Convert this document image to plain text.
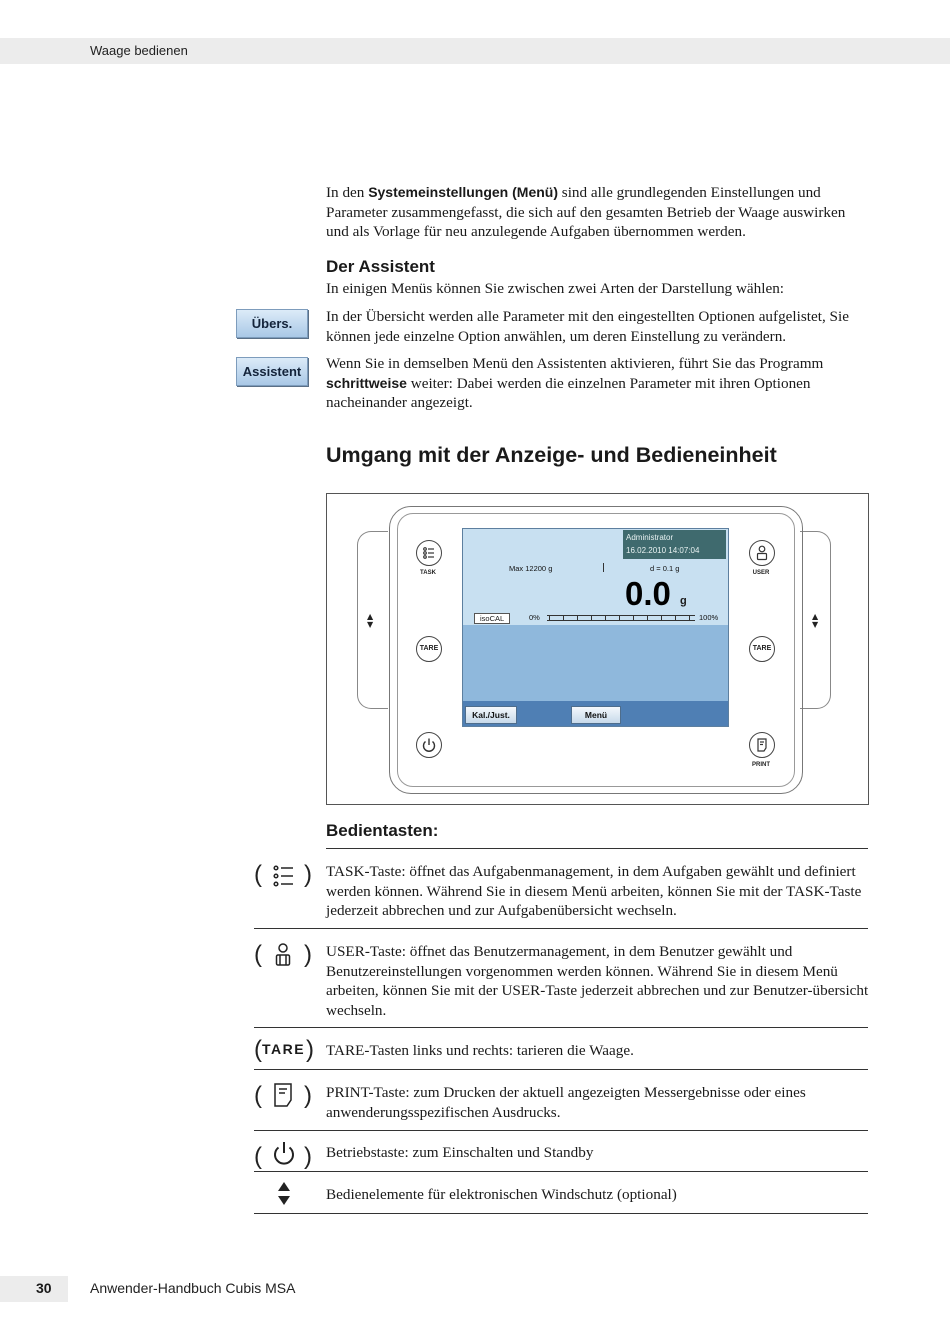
Waage bedienen
In den Systemeinstellungen (Menü) sind alle grundlegenden Einstellungen und Parameter zusammengefasst, die sich auf den gesamten Betrieb der Waage auswirken und als Vorlage für neu anzulegende Aufgaben übernommen werden.
Der Assistent
In einigen Menüs können Sie zwischen zwei Arten der Darstellung wählen:
Übers.	In der Übersicht werden alle Parameter mit den eingestellten Optionen aufgelistet, Sie können jede einzelne Option anwählen, um deren Einstellung zu verändern.
Assistent	Wenn Sie in demselben Menü den Assistenten aktivieren, führt Sie das Programm schrittweise weiter: Dabei werden die einzelnen Parameter mit ihren Optionen nacheinander angezeigt.
Umgang mit der Anzeige- und Bedieneinheit
▲
▼
▲
▼
TASK
TARE
USER
TARE
PRINT
Administrator
16.02.2010 14:07:04
Max 12200 g	d = 0.1 g
0.0 g
isoCAL	0%	100%
Kal./Just.	Menü
Bedientasten:
( ) TASK-Taste: öffnet das Aufgabenmanagement, in dem Aufgaben gewählt und definiert werden können. Während Sie in diesem Menü arbeiten, können Sie mit der TASK-Taste jederzeit abbrechen und zur Aufgabenübersicht wechseln.
( ) USER-Taste: öffnet das Benutzermanagement, in dem Benutzer gewählt und Benutzereinstellungen vorgenommen werden können. Während Sie in diesem Menü arbeiten, können Sie mit der USER-Taste jederzeit abbrechen und zur Benutzer-übersicht wechseln.
( TARE ) TARE-Tasten links und rechts: tarieren die Waage.
( ) PRINT-Taste: zum Drucken der aktuell angezeigten Messergebnisse oder eines anwenderungsspezifischen Ausdrucks.
( ) Betriebstaste: zum Einschalten und Standby
Bedienelemente für elektronischen Windschutz (optional)
30	Anwender-Handbuch Cubis MSA
